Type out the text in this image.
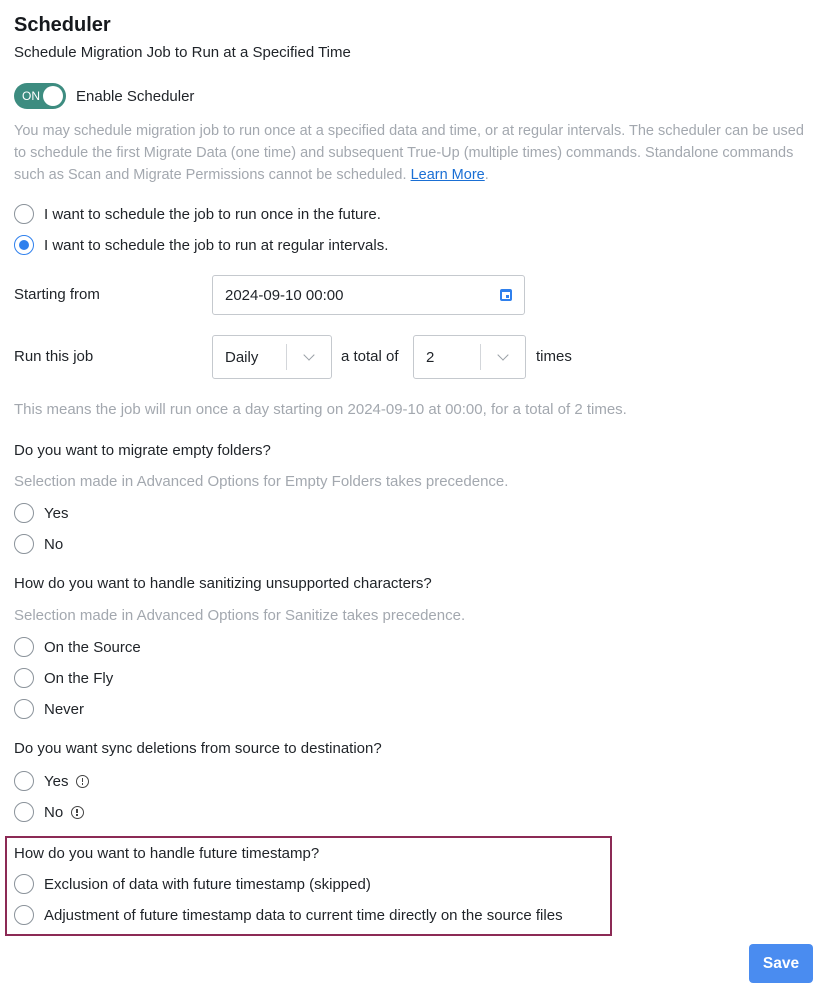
Scheduler
Schedule Migration Job to Run at a Specified Time
ON Enable Scheduler
You may schedule migration job to run once at a specified data and time, or at regular intervals. The scheduler can be used to schedule the first Migrate Data (one time) and subsequent True-Up (multiple times) commands. Standalone commands such as Scan and Migrate Permissions cannot be scheduled. Learn More.
I want to schedule the job to run once in the future.
I want to schedule the job to run at regular intervals.
Starting from	2024-09-10 00:00
Run this job	Daily	a total of	2	times
This means the job will run once a day starting on 2024-09-10 at 00:00, for a total of 2 times.
Do you want to migrate empty folders?
Selection made in Advanced Options for Empty Folders takes precedence.
Yes
No
How do you want to handle sanitizing unsupported characters?
Selection made in Advanced Options for Sanitize takes precedence.
On the Source
On the Fly
Never
Do you want sync deletions from source to destination?
Yes
No
How do you want to handle future timestamp?
Exclusion of data with future timestamp (skipped)
Adjustment of future timestamp data to current time directly on the source files
Save
